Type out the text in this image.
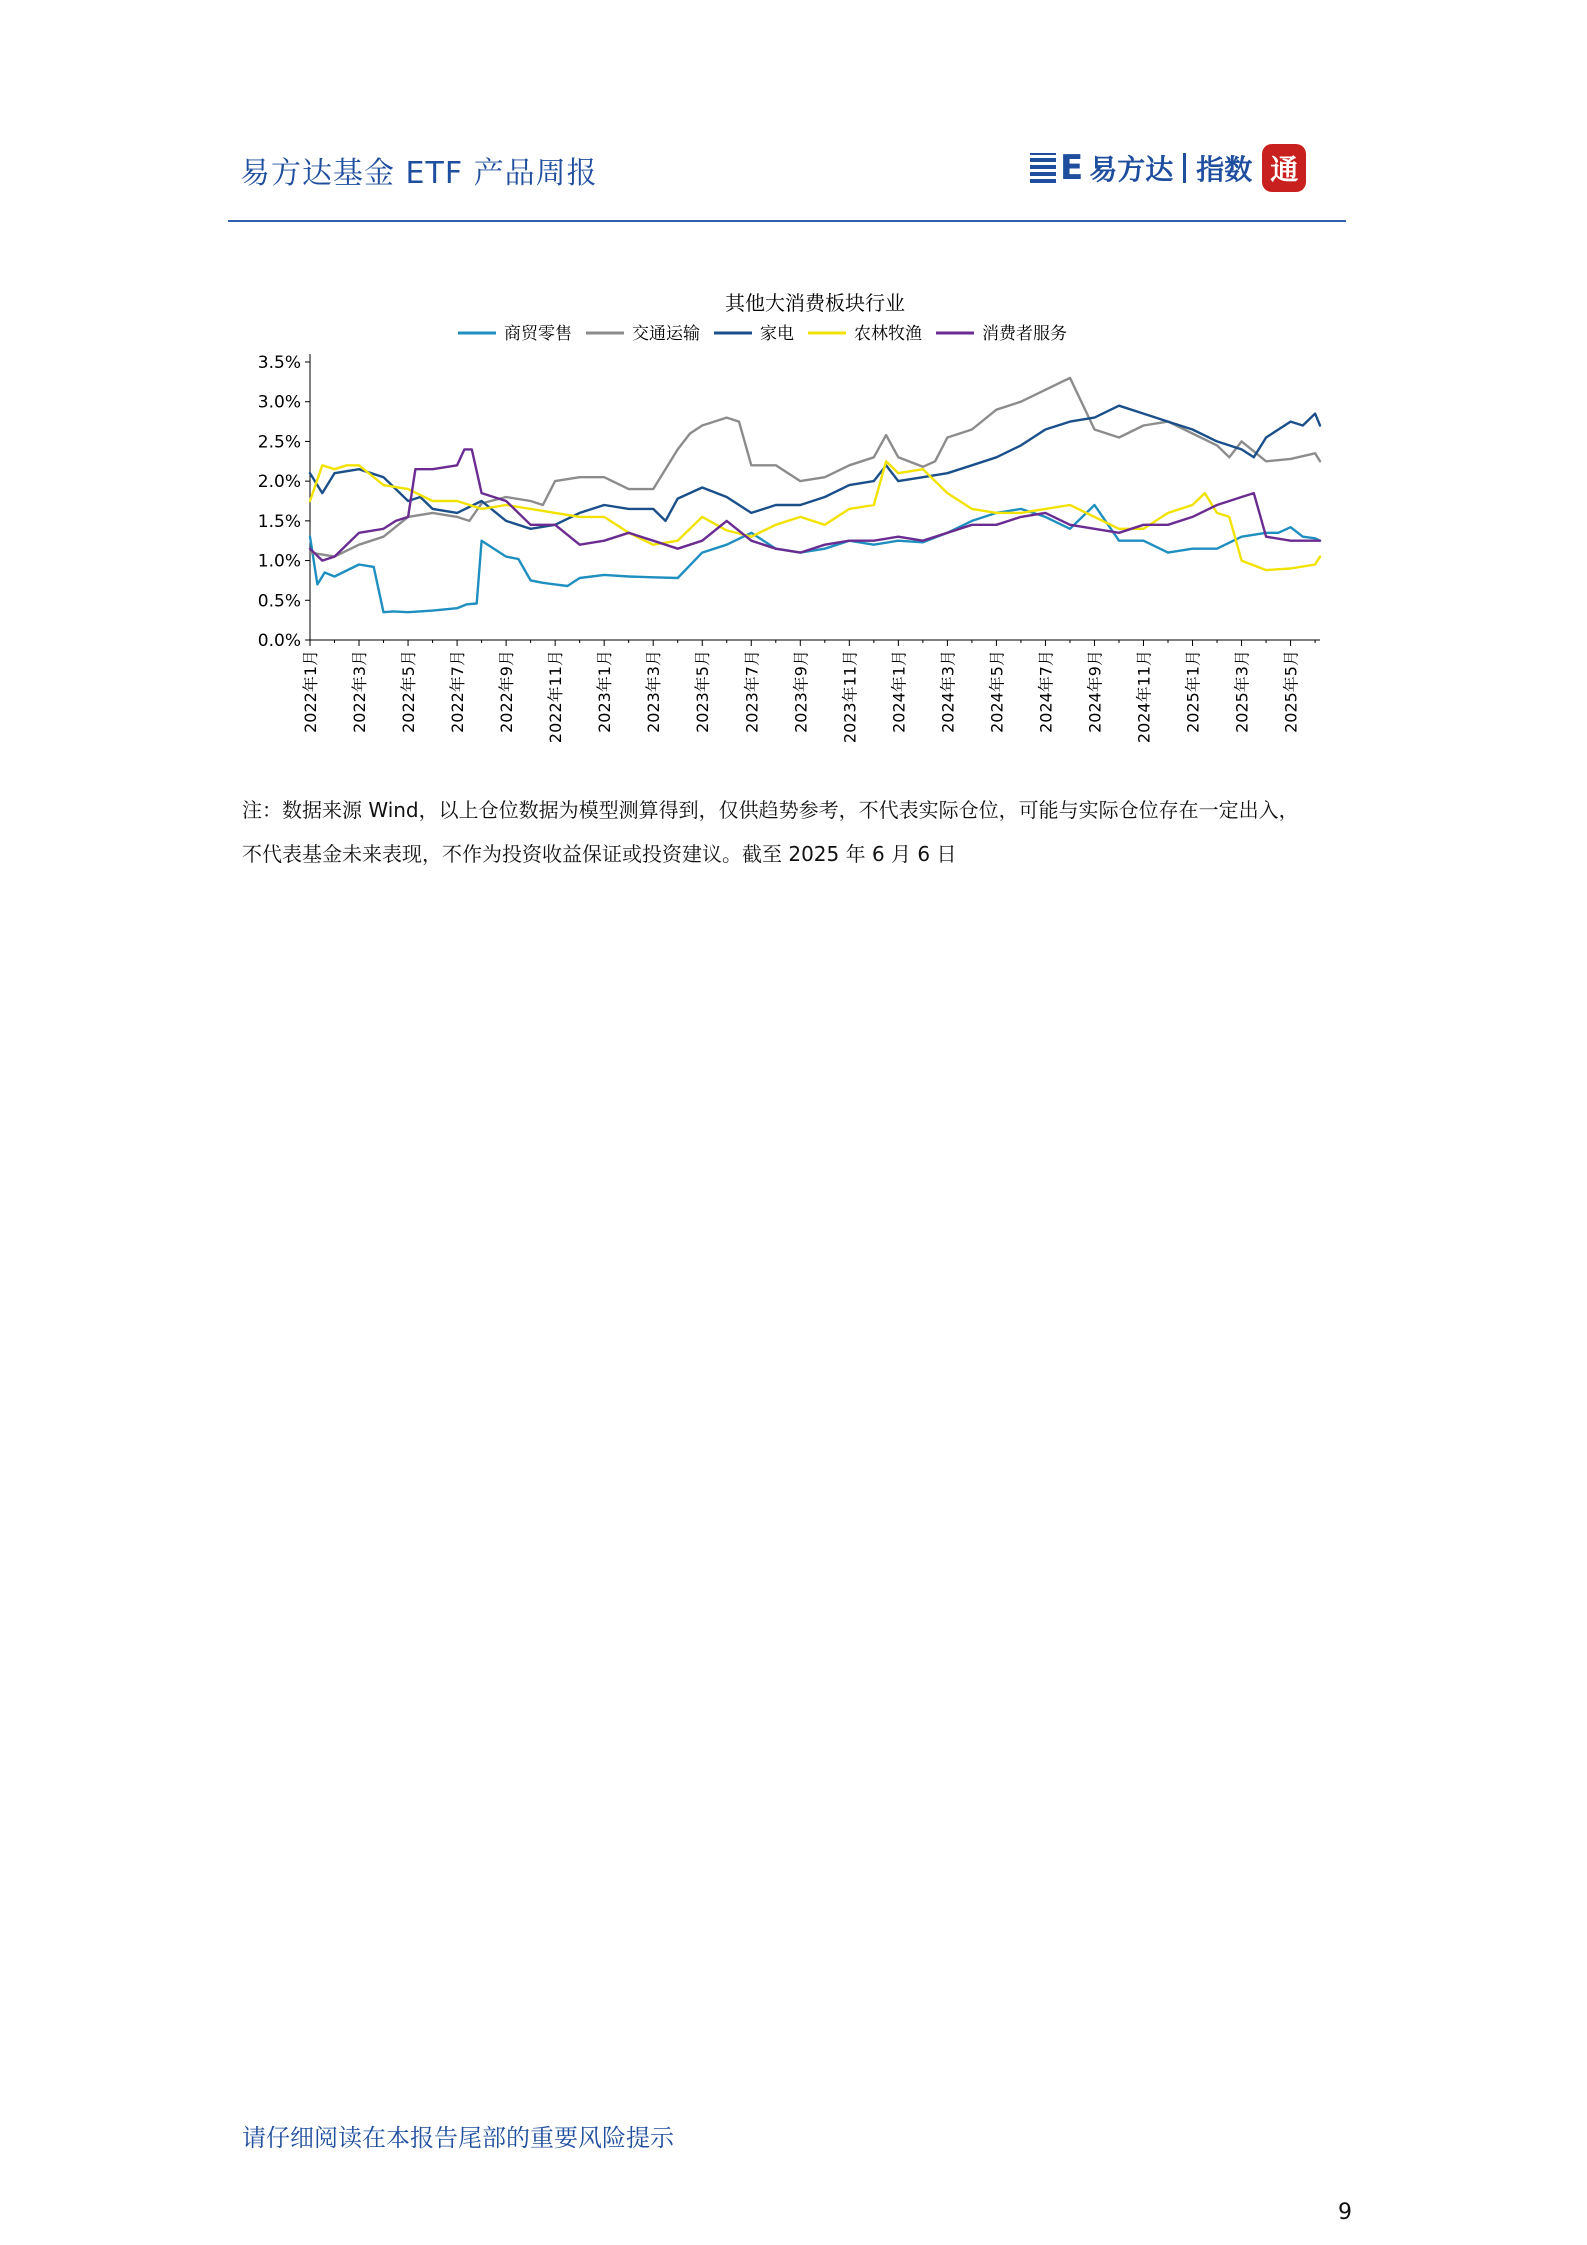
易方达基金 ETF 产品周报	E 易方达 指数 通
其他大消费板块行业
商贸零售	交通运输	家电	农林牧渔	消费者服务
0.0%
0.5%
1.0%
1.5%
2.0%
2.5%
3.0%
3.5%
2022年1月 2022年3月 2022年5月 2022年7月 2022年9月 2022年11月 2023年1月 2023年3月 2023年5月 2023年7月 2023年9月 2023年11月 2024年1月 2024年3月 2024年5月 2024年7月 2024年9月 2024年11月 2025年1月 2025年3月 2025年5月
注：数据来源 Wind，以上仓位数据为模型测算得到，仅供趋势参考，不代表实际仓位，可能与实际仓位存在一定出入，
不代表基金未来表现，不作为投资收益保证或投资建议。截至 2025 年 6 月 6 日
请仔细阅读在本报告尾部的重要风险提示
9
